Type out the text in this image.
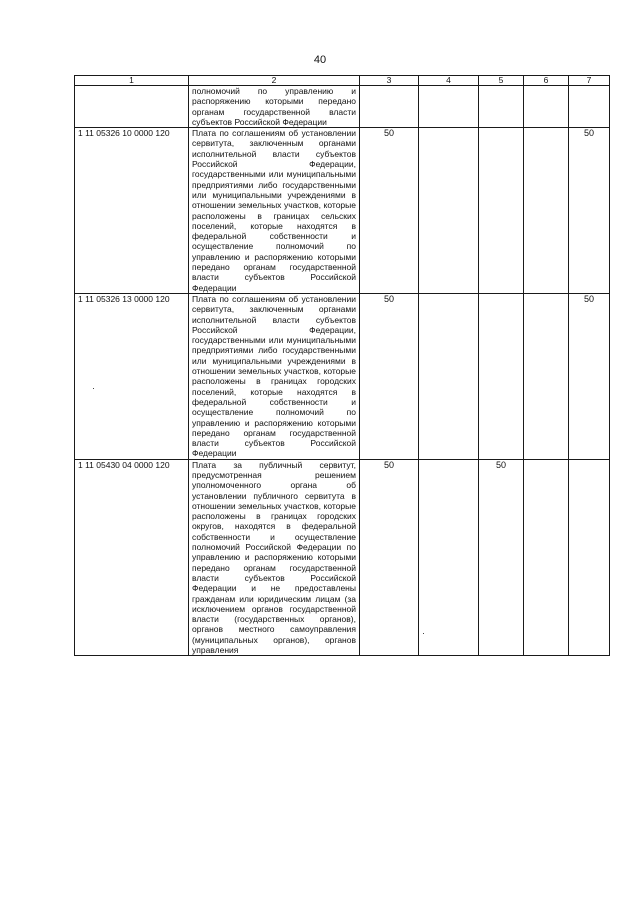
40
1	2	3	4	5	6	7
	полномочий по управлению и распоряжению которыми передано органам государственной власти субъектов Российской Федерации					
1 11 05326 10 0000 120	Плата по соглашениям об установлении сервитута, заключенным органами исполнительной власти субъектов Российской Федерации, государственными или муниципальными предприятиями либо государственными или муниципальными учреждениями в отношении земельных участков, которые расположены в границах сельских поселений, которые находятся в федеральной собственности и осуществление полномочий по управлению и распоряжению которыми передано органам государственной власти субъектов Российской Федерации	50				50
1 11 05326 13 0000 120	Плата по соглашениям об установлении сервитута, заключенным органами исполнительной власти субъектов Российской Федерации, государственными или муниципальными предприятиями либо государственными или муниципальными учреждениями в отношении земельных участков, которые расположены в границах городских поселений, которые находятся в федеральной собственности и осуществление полномочий по управлению и распоряжению которыми передано органам государственной власти субъектов Российской Федерации	50				50
1 11 05430 04 0000 120	Плата за публичный сервитут, предусмотренная решением уполномоченного органа об установлении публичного сервитута в отношении земельных участков, которые расположены в границах городских округов, находятся в федеральной собственности и осуществление полномочий Российской Федерации по управлению и распоряжению которыми передано органам государственной власти субъектов Российской Федерации и не предоставлены гражданам или юридическим лицам (за исключением органов государственной власти (государственных органов), органов местного самоуправления (муниципальных органов), органов управления	50		50		
